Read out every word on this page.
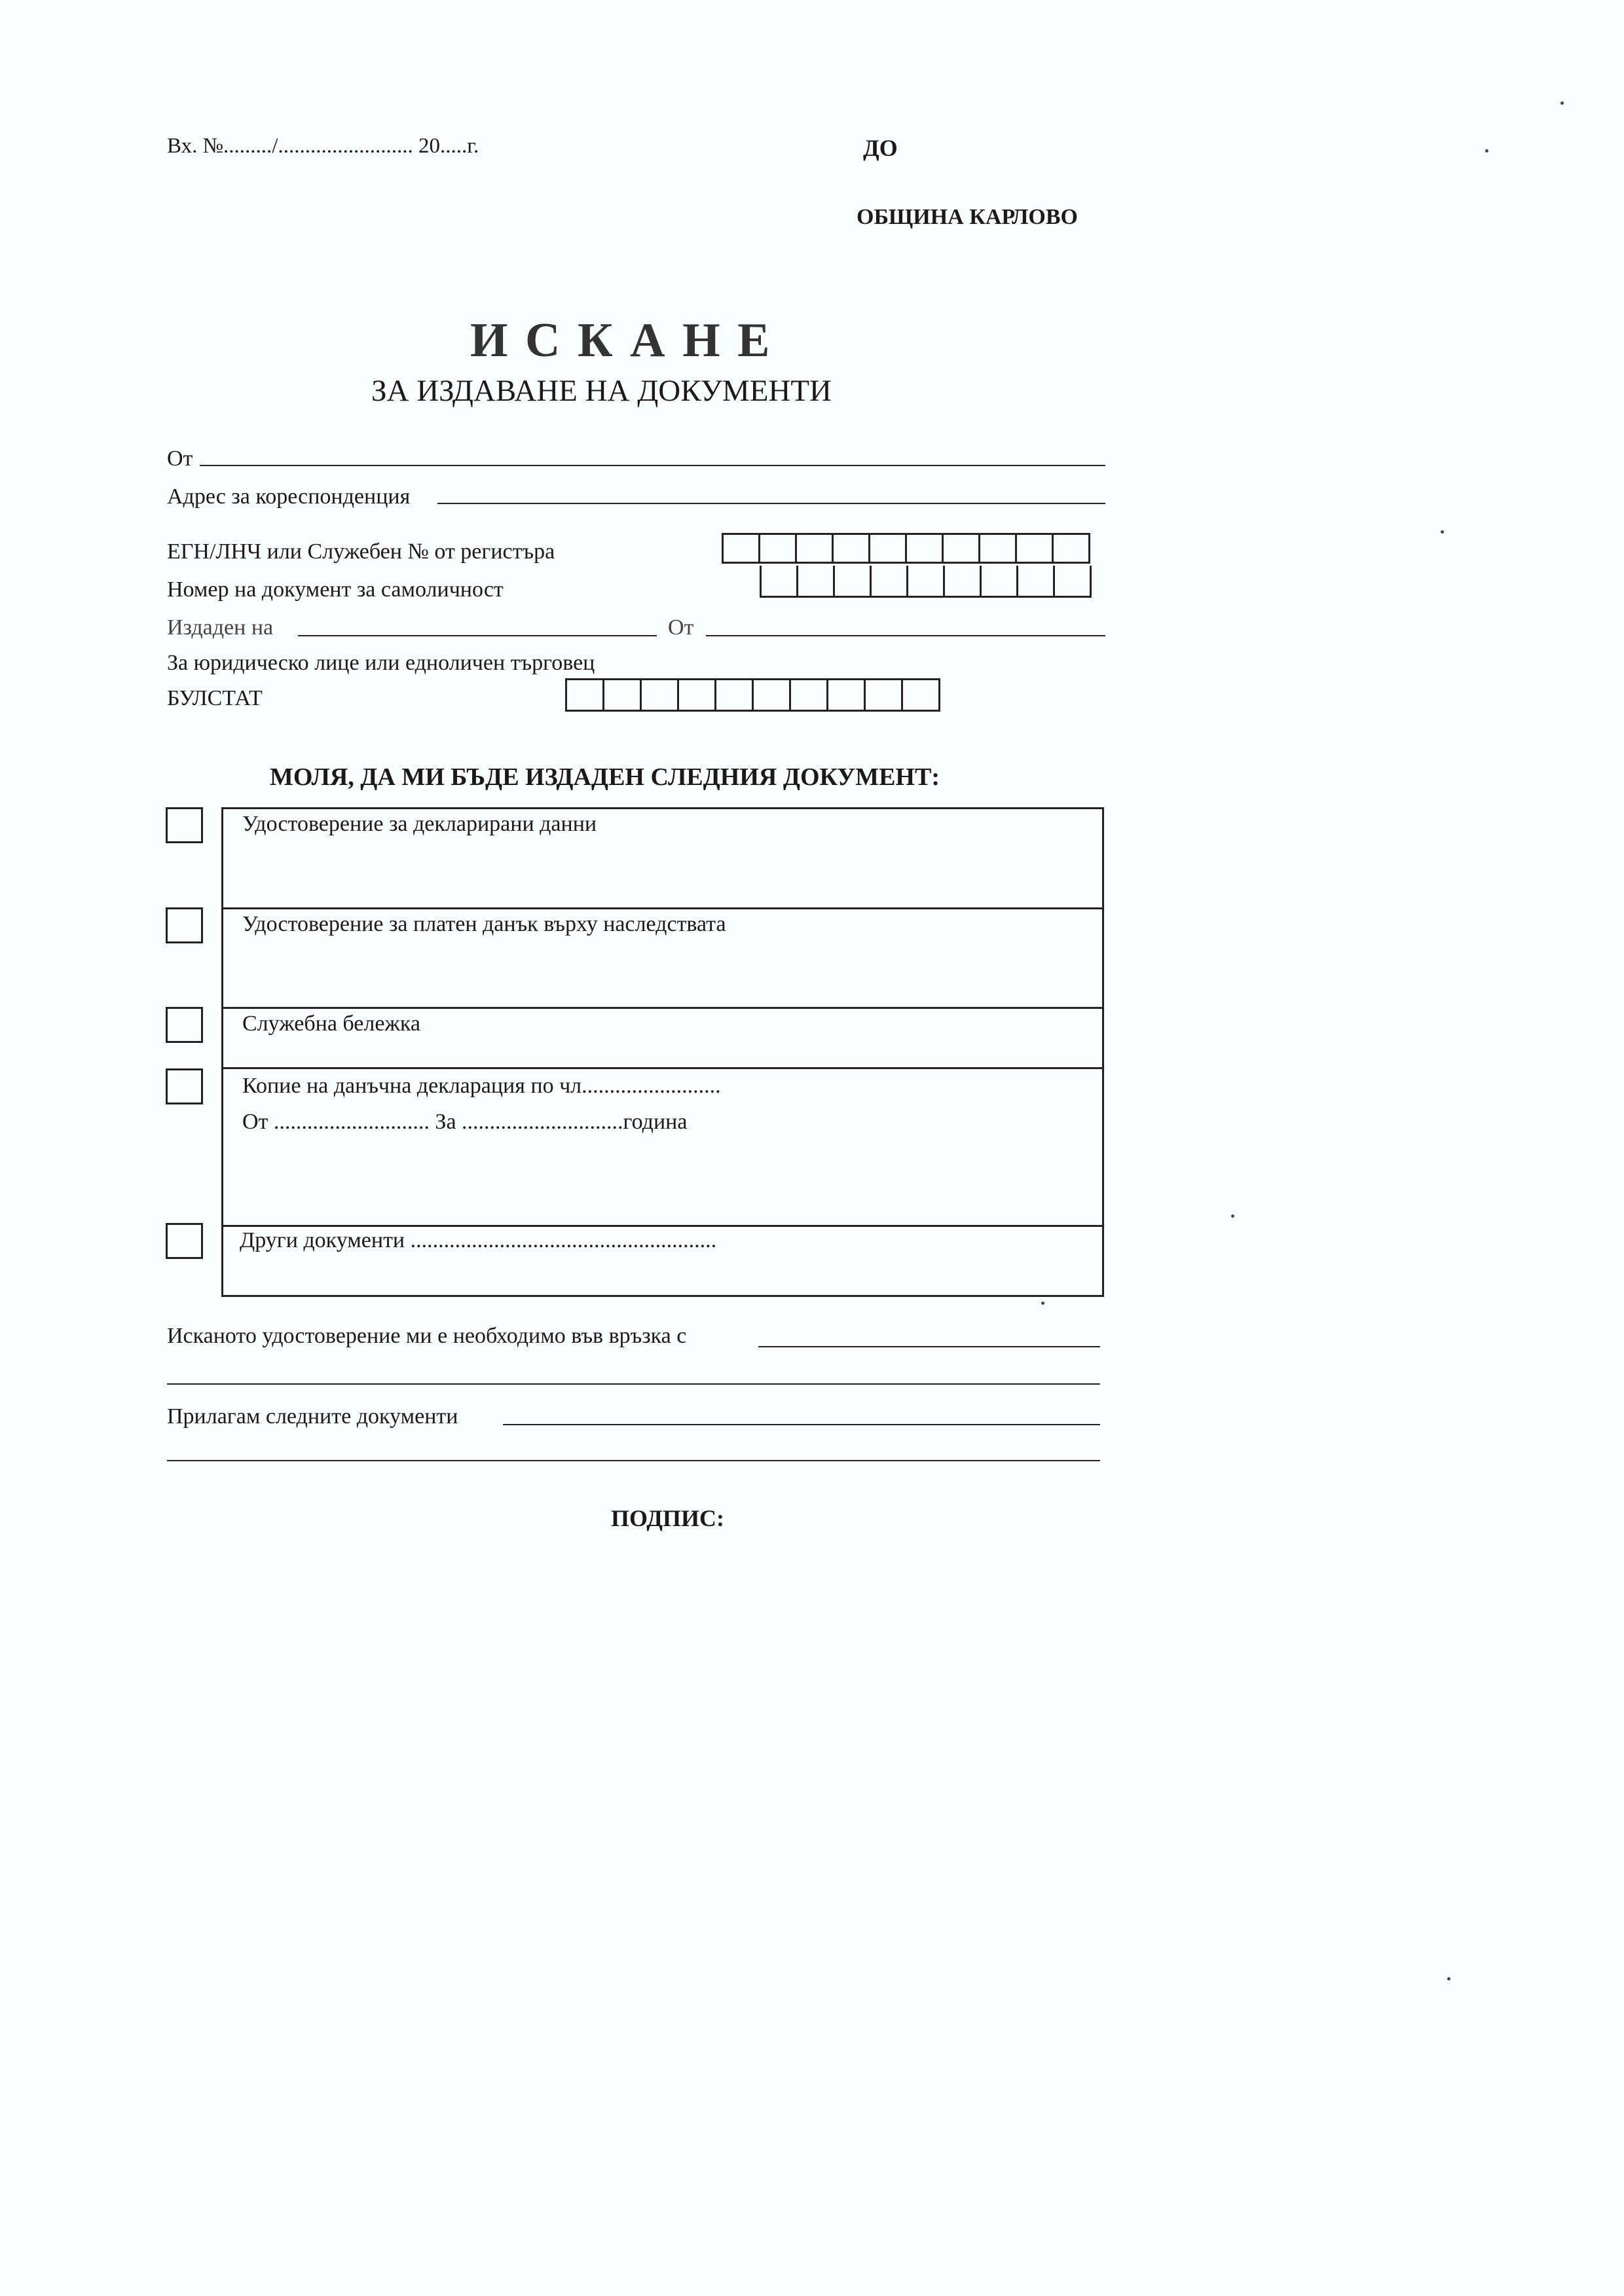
Вх. №........./......................... 20.....г.	ДО
ОБЩИНА КАРЛОВО
И С К А Н Е
ЗА ИЗДАВАНЕ НА ДОКУМЕНТИ
От
Адрес за кореспонденция
ЕГН/ЛНЧ или Служебен № от регистъра
Номер на документ за самоличност
Издаден на	От
За юридическо лице или едноличен търговец
БУЛСТАТ
МОЛЯ, ДА МИ БЪДЕ ИЗДАДЕН СЛЕДНИЯ ДОКУМЕНТ:
Удостоверение за декларирани данни
Удостоверение за платен данък върху наследствата
Служебна бележка
Копие на данъчна декларация по чл.........................
От ............................ За .............................година
Други документи .......................................................
Исканото удостоверение ми е необходимо във връзка с
Прилагам следните документи
ПОДПИС:
